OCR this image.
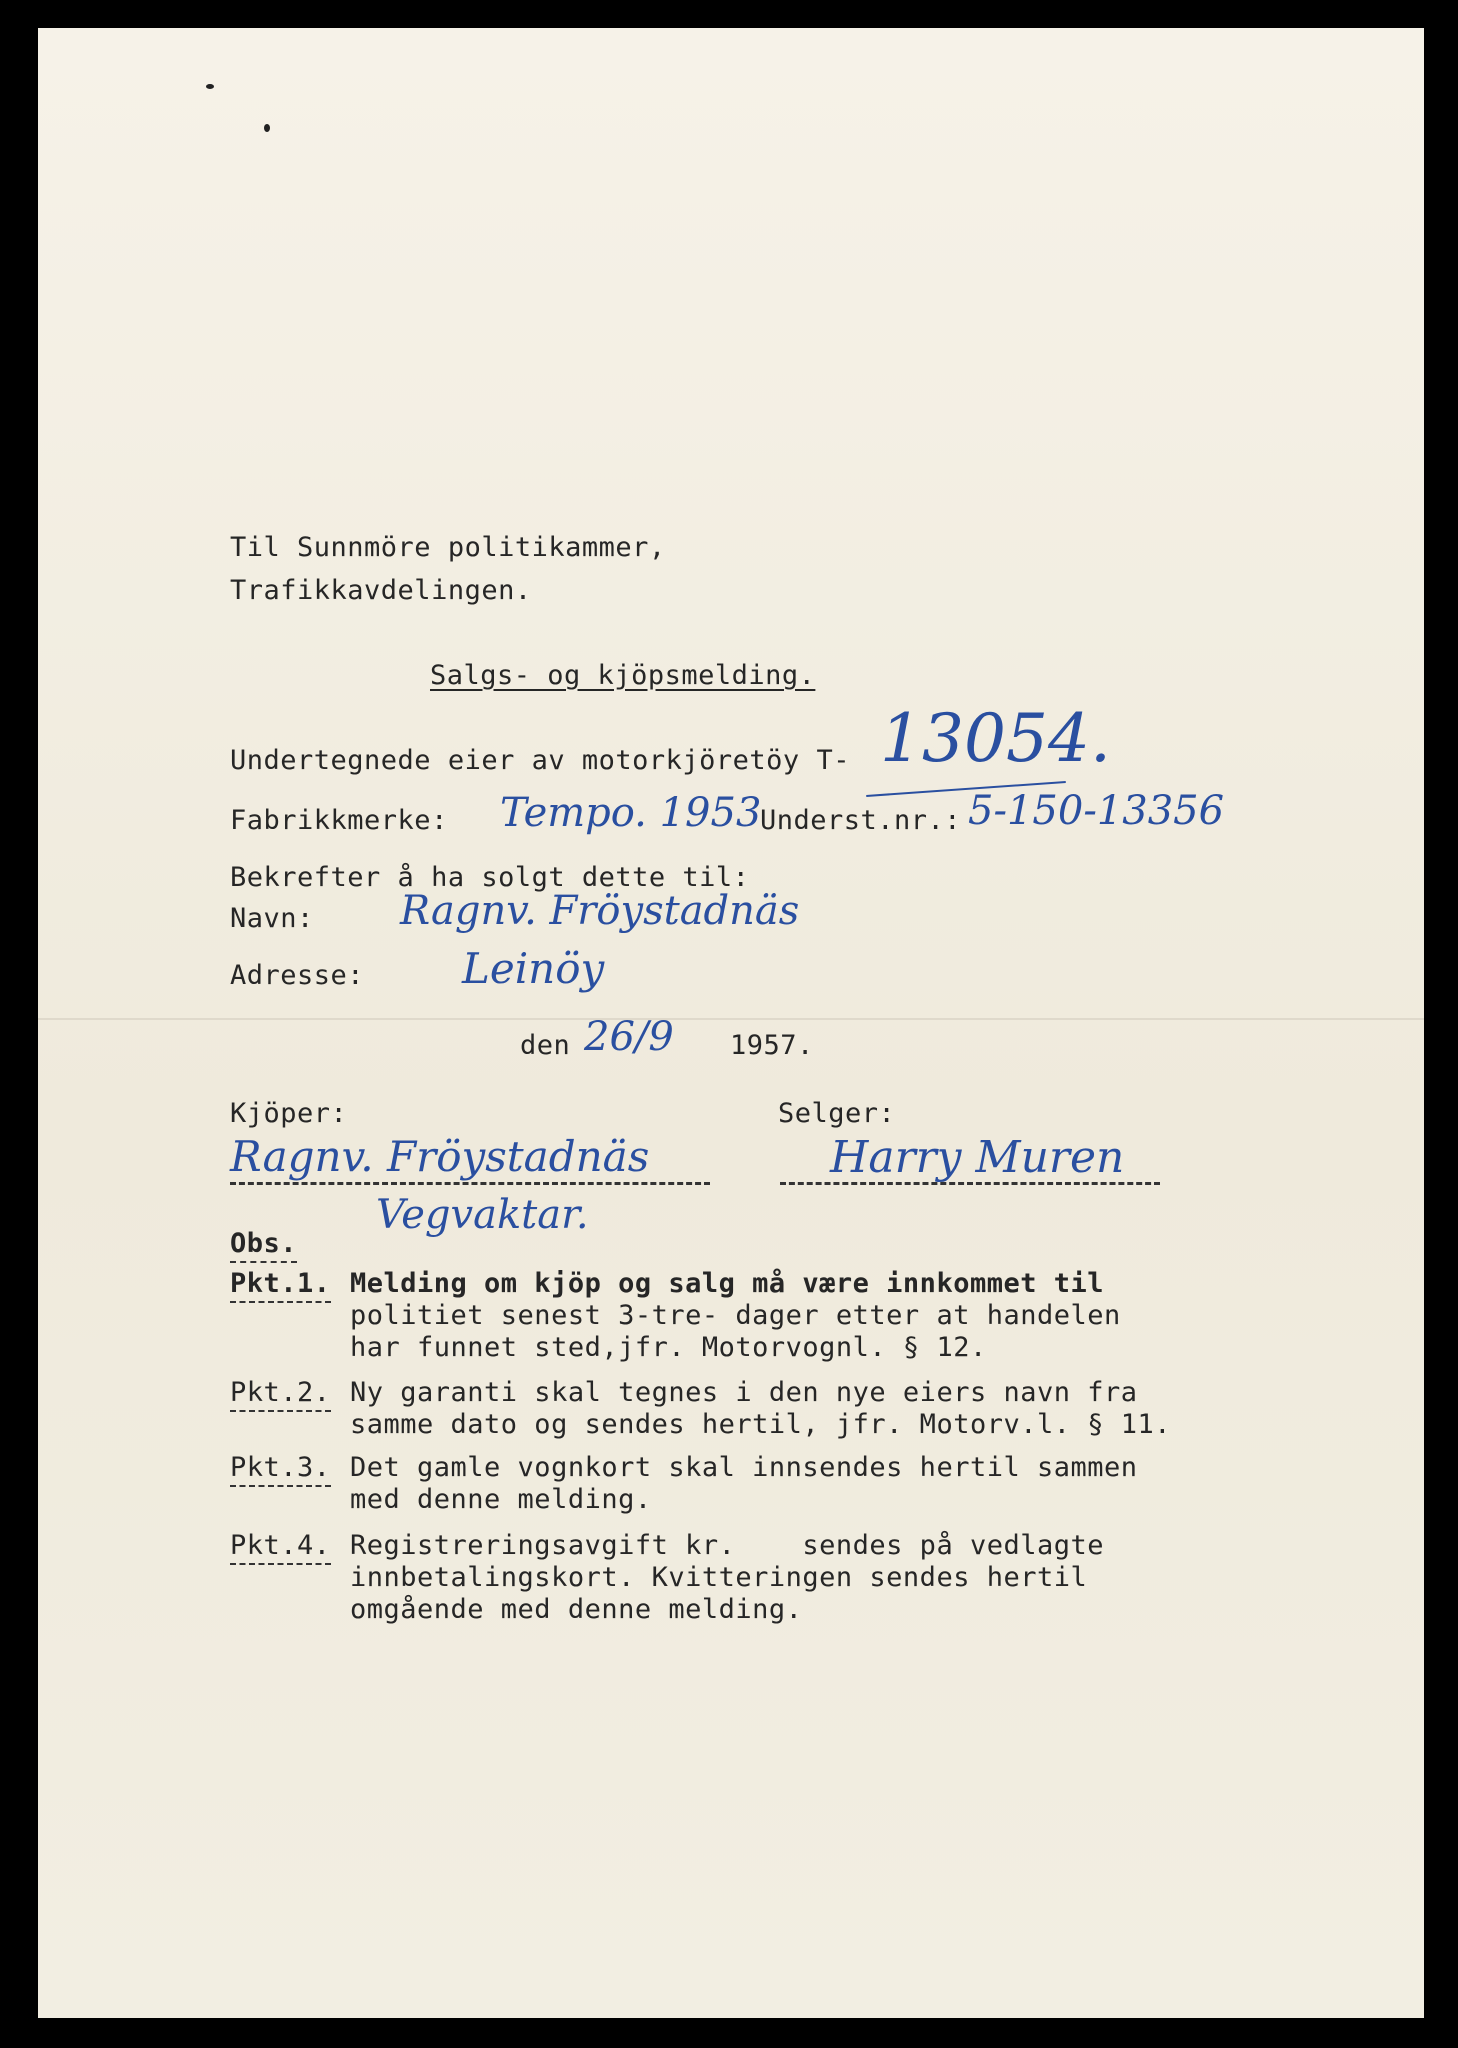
Til Sunnmöre politikammer,
Trafikkavdelingen.
Salgs- og kjöpsmelding.
Undertegnede eier av motorkjöretöy T- 13054.
Fabrikkmerke: Tempo. 1953
Underst.nr.: 5-150-13356
Bekrefter å ha solgt dette til:
Navn: Ragnv. Fröystadnäs
Adresse: Leinöy
den 26/9 1957.
Kjöper:	Selger:
Ragnv. Fröystadnäs	Harry Muren
Vegvaktar.
Obs.
Pkt.1. Melding om kjöp og salg må være innkommet til
politiet senest 3-tre- dager etter at handelen
har funnet sted,jfr. Motorvognl. § 12.
Pkt.2. Ny garanti skal tegnes i den nye eiers navn fra
samme dato og sendes hertil, jfr. Motorv.l. § 11.
Pkt.3. Det gamle vognkort skal innsendes hertil sammen
med denne melding.
Pkt.4. Registreringsavgift kr.    sendes på vedlagte
innbetalingskort. Kvitteringen sendes hertil
omgående med denne melding.
